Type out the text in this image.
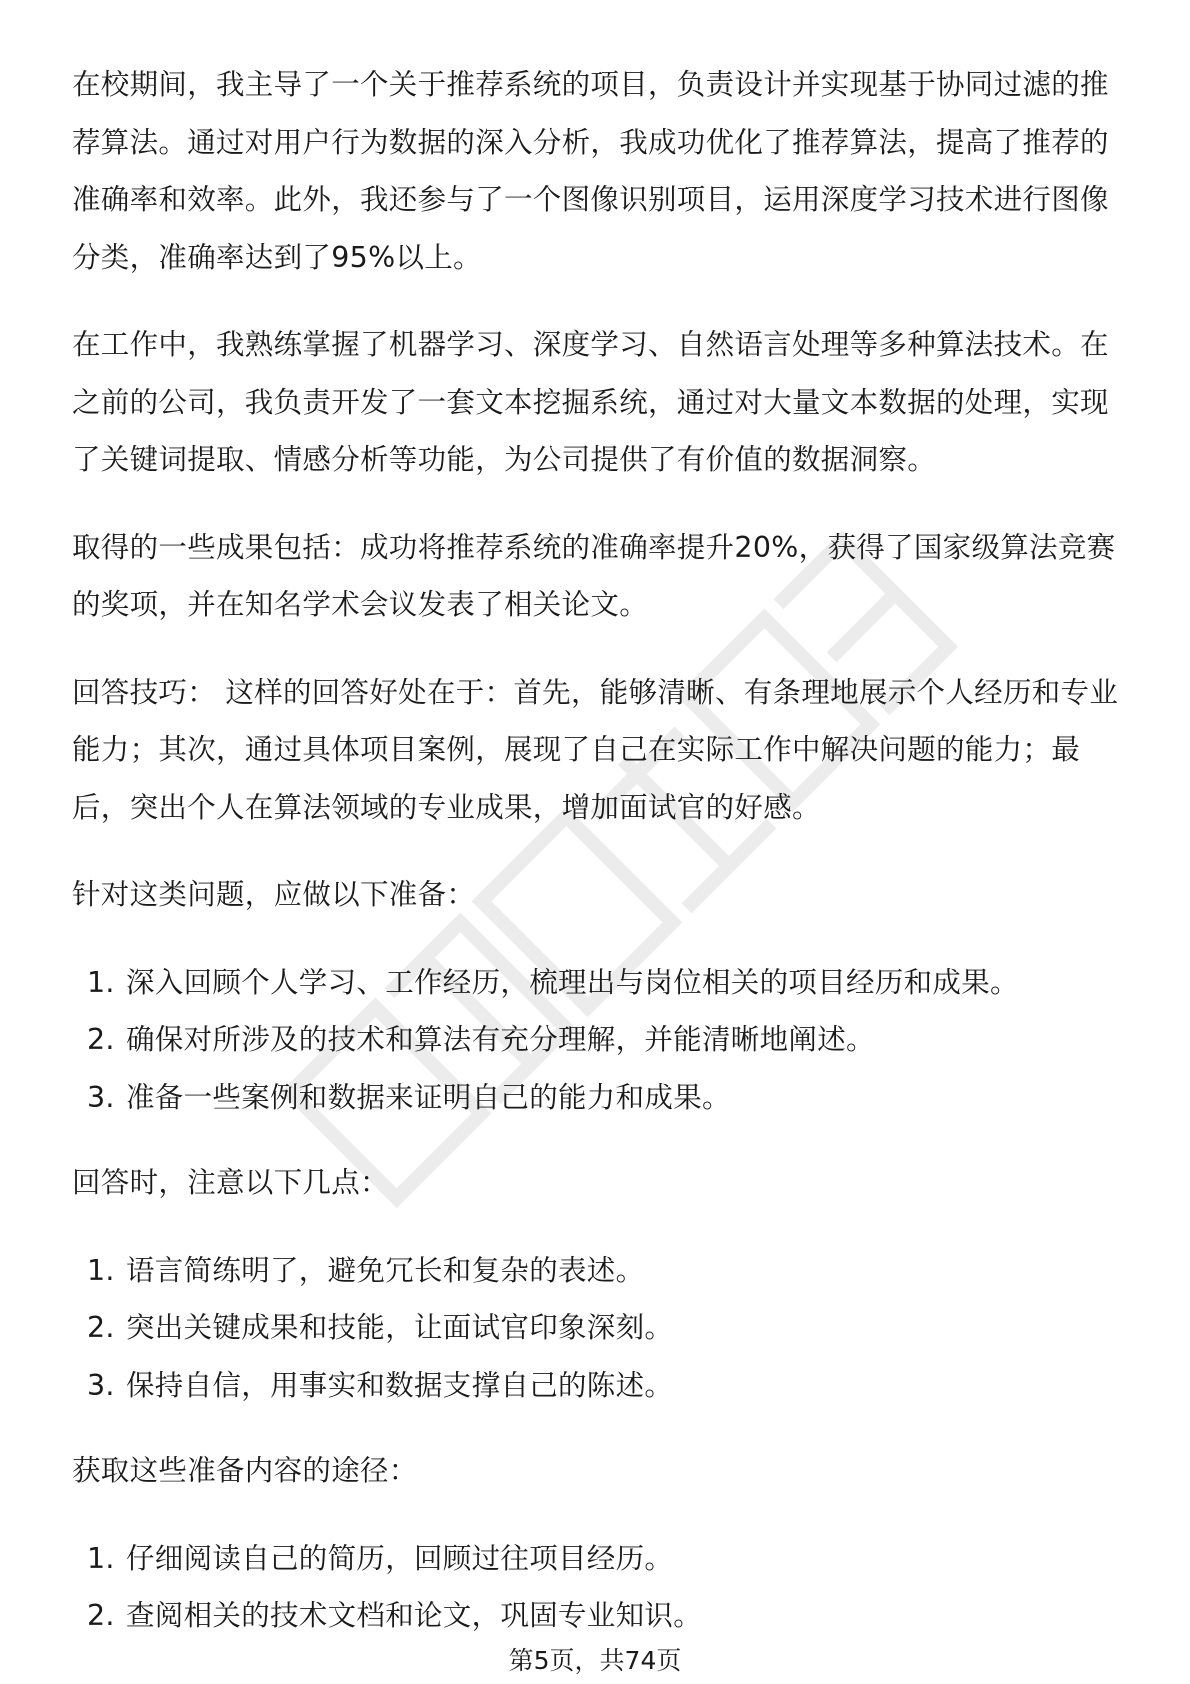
在校期间，我主导了一个关于推荐系统的项目，负责设计并实现基于协同过滤的推荐算法。通过对用户行为数据的深入分析，我成功优化了推荐算法，提高了推荐的准确率和效率。此外，我还参与了一个图像识别项目，运用深度学习技术进行图像分类，准确率达到了95%以上。

在工作中，我熟练掌握了机器学习、深度学习、自然语言处理等多种算法技术。在之前的公司，我负责开发了一套文本挖掘系统，通过对大量文本数据的处理，实现了关键词提取、情感分析等功能，为公司提供了有价值的数据洞察。

取得的一些成果包括：成功将推荐系统的准确率提升20%，获得了国家级算法竞赛的奖项，并在知名学术会议发表了相关论文。

回答技巧： 这样的回答好处在于：首先，能够清晰、有条理地展示个人经历和专业能力；其次，通过具体项目案例，展现了自己在实际工作中解决问题的能力；最后，突出个人在算法领域的专业成果，增加面试官的好感。

针对这类问题，应做以下准备：

1. 深入回顾个人学习、工作经历，梳理出与岗位相关的项目经历和成果。
2. 确保对所涉及的技术和算法有充分理解，并能清晰地阐述。
3. 准备一些案例和数据来证明自己的能力和成果。

回答时，注意以下几点：

1. 语言简练明了，避免冗长和复杂的表述。
2. 突出关键成果和技能，让面试官印象深刻。
3. 保持自信，用事实和数据支撑自己的陈述。

获取这些准备内容的途径：

1. 仔细阅读自己的简历，回顾过往项目经历。
2. 查阅相关的技术文档和论文，巩固专业知识。
第5页，共74页
